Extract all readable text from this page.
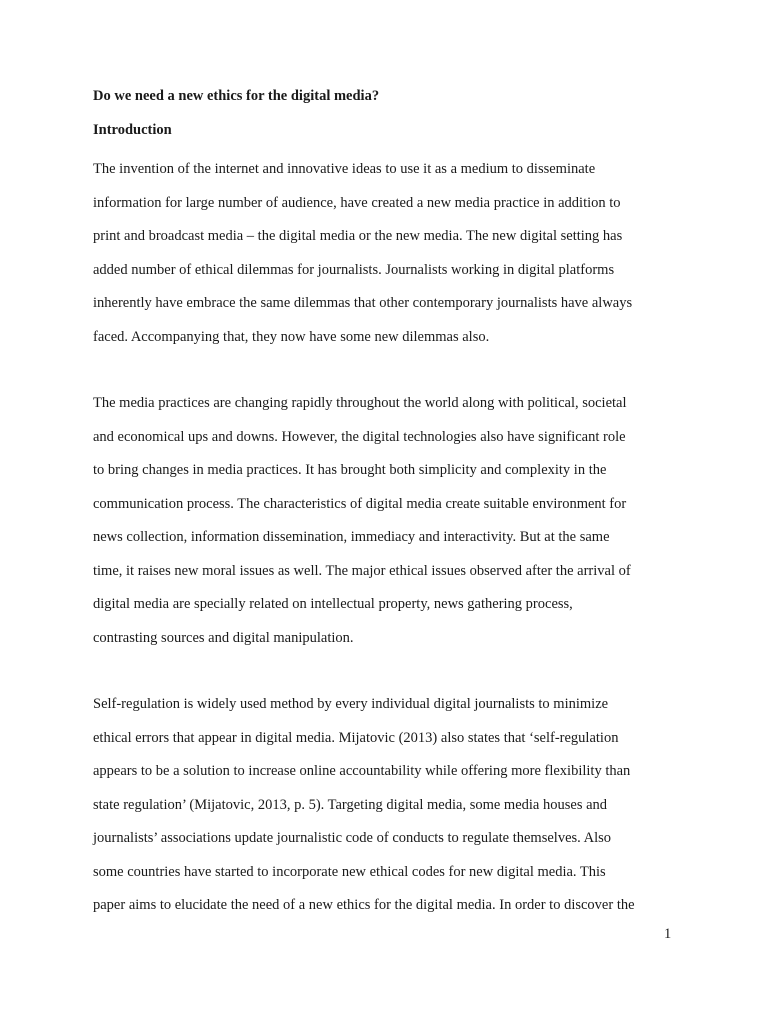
Do we need a new ethics for the digital media?
Introduction

The invention of the internet and innovative ideas to use it as a medium to disseminate
information for large number of audience, have created a new media practice in addition to
print and broadcast media – the digital media or the new media. The new digital setting has
added number of ethical dilemmas for journalists. Journalists working in digital platforms
inherently have embrace the same dilemmas that other contemporary journalists have always
faced. Accompanying that, they now have some new dilemmas also.

The media practices are changing rapidly throughout the world along with political, societal
and economical ups and downs. However, the digital technologies also have significant role
to bring changes in media practices. It has brought both simplicity and complexity in the
communication process. The characteristics of digital media create suitable environment for
news collection, information dissemination, immediacy and interactivity. But at the same
time, it raises new moral issues as well. The major ethical issues observed after the arrival of
digital media are specially related on intellectual property, news gathering process,
contrasting sources and digital manipulation.

Self-regulation is widely used method by every individual digital journalists to minimize
ethical errors that appear in digital media. Mijatovic (2013) also states that ‘self-regulation
appears to be a solution to increase online accountability while offering more flexibility than
state regulation’ (Mijatovic, 2013, p. 5). Targeting digital media, some media houses and
journalists’ associations update journalistic code of conducts to regulate themselves. Also
some countries have started to incorporate new ethical codes for new digital media. This
paper aims to elucidate the need of a new ethics for the digital media. In order to discover the

1
